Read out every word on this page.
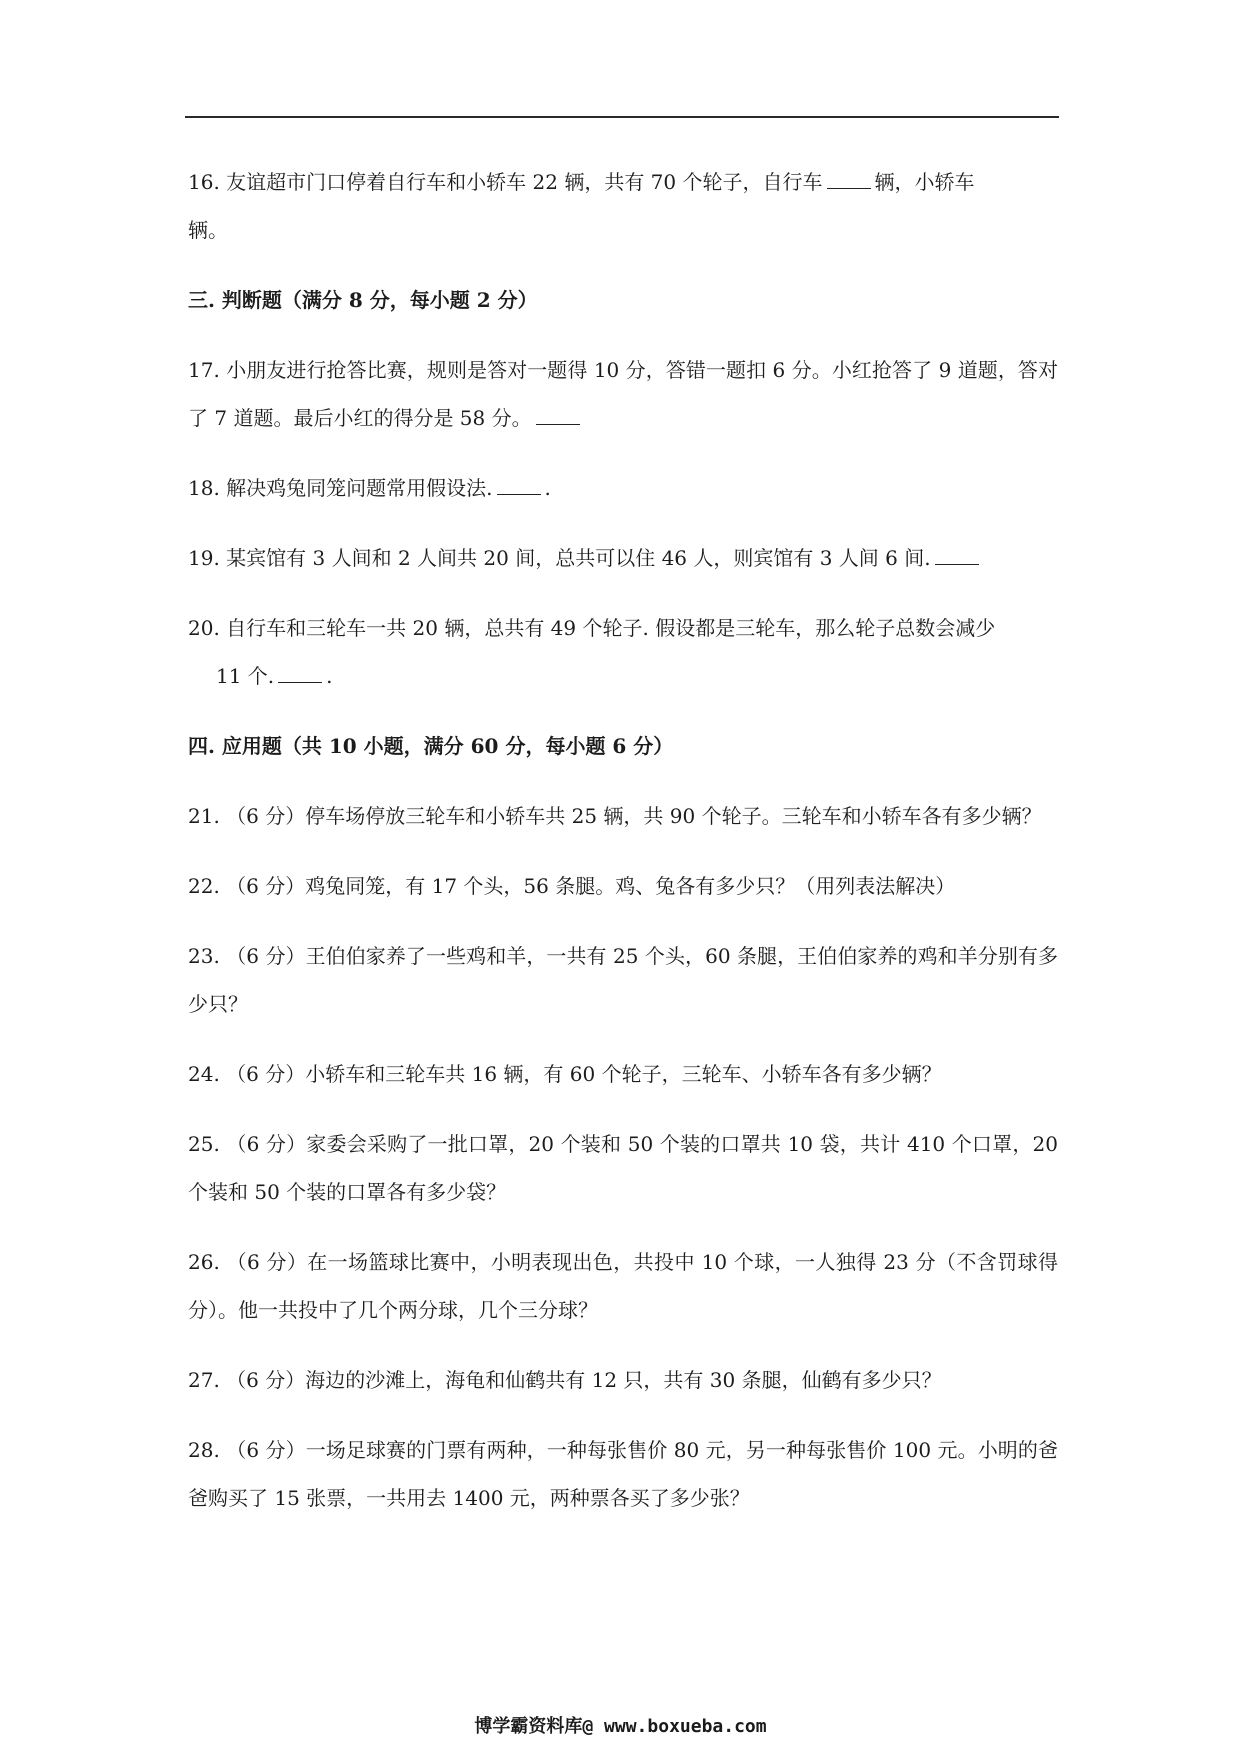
16. 友谊超市门口停着自行车和小轿车 22 辆，共有 70 个轮子，自行车	辆，小轿车
辆。

三. 判断题（满分 8 分，每小题 2 分）

17. 小朋友进行抢答比赛，规则是答对一题得 10 分，答错一题扣 6 分。小红抢答了 9 道题，答对了 7 道题。最后小红的得分是 58 分。

18. 解决鸡兔同笼问题常用假设法.	.

19. 某宾馆有 3 人间和 2 人间共 20 间，总共可以住 46 人，则宾馆有 3 人间 6 间.

20. 自行车和三轮车一共 20 辆，总共有 49 个轮子. 假设都是三轮车，那么轮子总数会减少
11 个.	.

四. 应用题（共 10 小题，满分 60 分，每小题 6 分）

21. （6 分）停车场停放三轮车和小轿车共 25 辆，共 90 个轮子。三轮车和小轿车各有多少辆？

22. （6 分）鸡兔同笼，有 17 个头，56 条腿。鸡、兔各有多少只？（用列表法解决）

23. （6 分）王伯伯家养了一些鸡和羊，一共有 25 个头，60 条腿，王伯伯家养的鸡和羊分别有多少只？

24. （6 分）小轿车和三轮车共 16 辆，有 60 个轮子，三轮车、小轿车各有多少辆？

25. （6 分）家委会采购了一批口罩，20 个装和 50 个装的口罩共 10 袋，共计 410 个口罩，20 个装和 50 个装的口罩各有多少袋？

26. （6 分）在一场篮球比赛中，小明表现出色，共投中 10 个球，一人独得 23 分（不含罚球得分）。他一共投中了几个两分球，几个三分球？

27. （6 分）海边的沙滩上，海龟和仙鹤共有 12 只，共有 30 条腿，仙鹤有多少只？

28. （6 分）一场足球赛的门票有两种，一种每张售价 80 元，另一种每张售价 100 元。小明的爸爸购买了 15 张票，一共用去 1400 元，两种票各买了多少张？

博学霸资料库@ www.boxueba.com
